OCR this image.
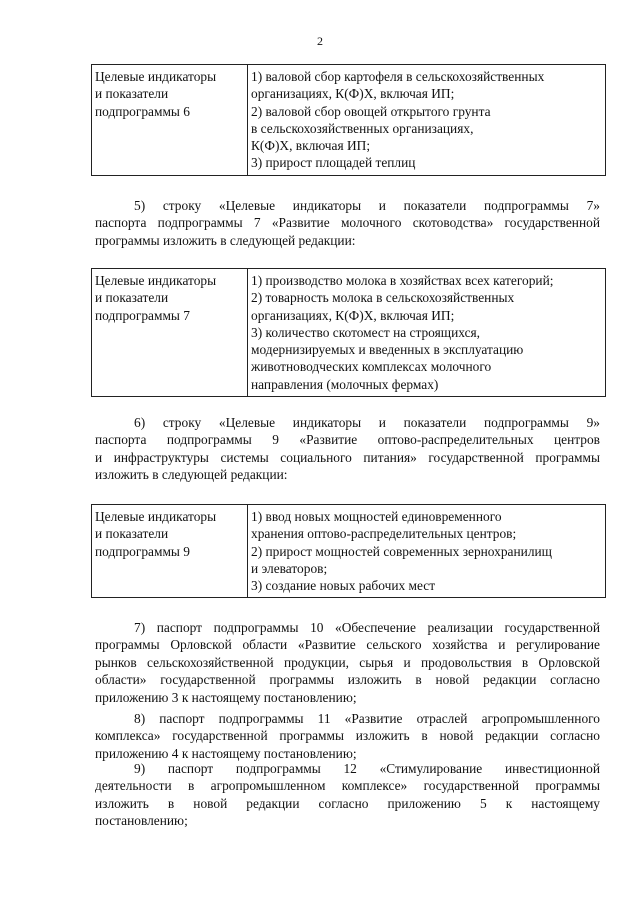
2
Целевые индикаторы
и показатели
подпрограммы 6

1) валовой сбор картофеля в сельскохозяйственных
организациях, К(Ф)Х, включая ИП;
2) валовой сбор овощей открытого грунта
в сельскохозяйственных организациях,
К(Ф)Х, включая ИП;
3) прирост площадей теплиц
5) строку «Целевые индикаторы и показатели подпрограммы 7»
паспорта подпрограммы 7 «Развитие молочного скотоводства» государственной
программы изложить в следующей редакции:
Целевые индикаторы
и показатели
подпрограммы 7

1) производство молока в хозяйствах всех категорий;
2) товарность молока в сельскохозяйственных
организациях, К(Ф)Х, включая ИП;
3) количество скотомест на строящихся,
модернизируемых и введенных в эксплуатацию
животноводческих комплексах молочного
направления (молочных фермах)
6) строку «Целевые индикаторы и показатели подпрограммы 9»
паспорта подпрограммы 9 «Развитие оптово-распределительных центров
и инфраструктуры системы социального питания» государственной программы
изложить в следующей редакции:
Целевые индикаторы
и показатели
подпрограммы 9

1) ввод новых мощностей единовременного
хранения оптово-распределительных центров;
2) прирост мощностей современных зернохранилищ
и элеваторов;
3) создание новых рабочих мест
7) паспорт подпрограммы 10 «Обеспечение реализации государственной
программы Орловской области «Развитие сельского хозяйства и регулирование
рынков сельскохозяйственной продукции, сырья и продовольствия в Орловской
области» государственной программы изложить в новой редакции согласно
приложению 3 к настоящему постановлению;
8) паспорт подпрограммы 11 «Развитие отраслей агропромышленного
комплекса» государственной программы изложить в новой редакции согласно
приложению 4 к настоящему постановлению;
9) паспорт подпрограммы 12 «Стимулирование инвестиционной
деятельности в агропромышленном комплексе» государственной программы
изложить в новой редакции согласно приложению 5 к настоящему
постановлению;
